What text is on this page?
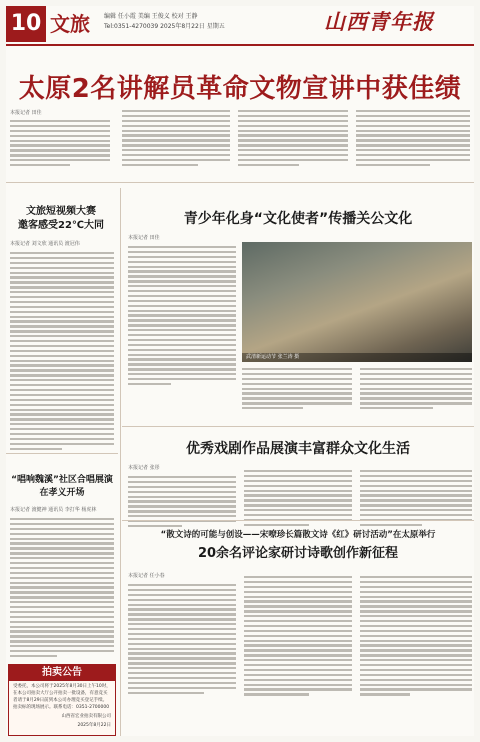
10 文旅 编辑 任小霞 美编 王俊义 校对 王静
Tel:0351-4270039 2025年8月22日 星期五	山西青年报
太原2名讲解员革命文物宣讲中获佳绩
本报记者 田佳
文旅短视频大赛
邀客感受22℃大同
本报记者 刘文欣 通讯员 渡冠伟
“唱响魏溪”社区合唱展演
在孝义开场
本报记者 渡健神 通讯员 李打华 杨虎林
拍卖公告
受委托，本公司将于2025年8月30日上午10时，在本公司拍卖大厅公开拍卖一批设备，有意竞买者请于8月29日前到本公司办理竞买登记手续。拍卖标的现场展示。联系电话：0351-2700000
山西省宏业拍卖有限公司
2025年8月22日
青少年化身“文化使者”传播关公文化
本报记者 田佳
武清新运动节 张兰涛 摄
优秀戏剧作品展演丰富群众文化生活
本报记者 张彤
“散文诗的可能与创设——宋嘹珍长篇散文诗《红》研讨活动”在太原举行
20余名评论家研讨诗歌创作新征程
本报记者 任小春
